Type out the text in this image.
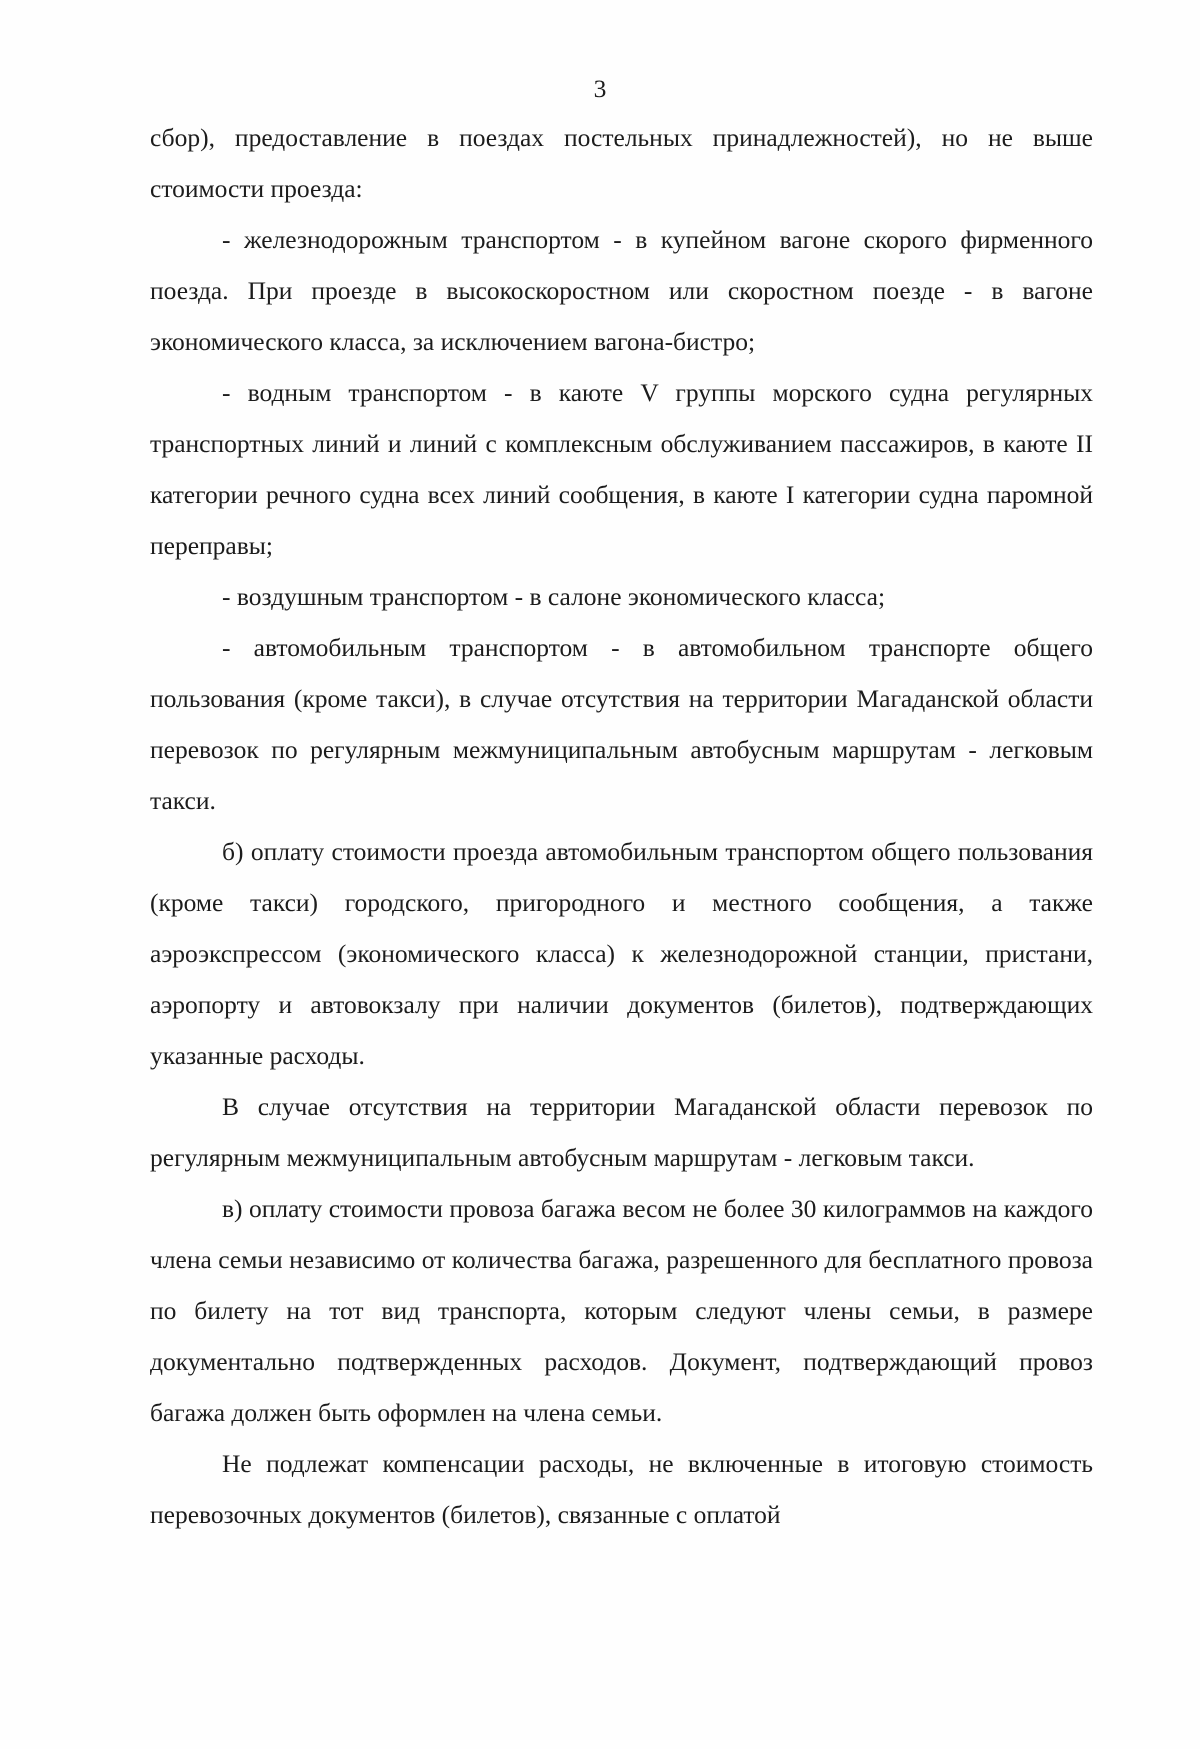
3

сбор), предоставление в поездах постельных принадлежностей), но не выше стоимости проезда:

- железнодорожным транспортом - в купейном вагоне скорого фирменного поезда. При проезде в высокоскоростном или скоростном поезде - в вагоне экономического класса, за исключением вагона-бистро;

- водным транспортом - в каюте V группы морского судна регулярных транспортных линий и линий с комплексным обслуживанием пассажиров, в каюте II категории речного судна всех линий сообщения, в каюте I категории судна паромной переправы;

- воздушным транспортом - в салоне экономического класса;

- автомобильным транспортом - в автомобильном транспорте общего пользования (кроме такси), в случае отсутствия на территории Магаданской области перевозок по регулярным межмуниципальным автобусным маршрутам - легковым такси.

б) оплату стоимости проезда автомобильным транспортом общего пользования (кроме такси) городского, пригородного и местного сообщения, а также аэроэкспрессом (экономического класса) к железнодорожной станции, пристани, аэропорту и автовокзалу при наличии документов (билетов), подтверждающих указанные расходы.

В случае отсутствия на территории Магаданской области перевозок по регулярным межмуниципальным автобусным маршрутам - легковым такси.

в) оплату стоимости провоза багажа весом не более 30 килограммов на каждого члена семьи независимо от количества багажа, разрешенного для бесплатного провоза по билету на тот вид транспорта, которым следуют члены семьи, в размере документально подтвержденных расходов. Документ, подтверждающий провоз багажа должен быть оформлен на члена семьи.

Не подлежат компенсации расходы, не включенные в итоговую стоимость перевозочных документов (билетов), связанные с оплатой
